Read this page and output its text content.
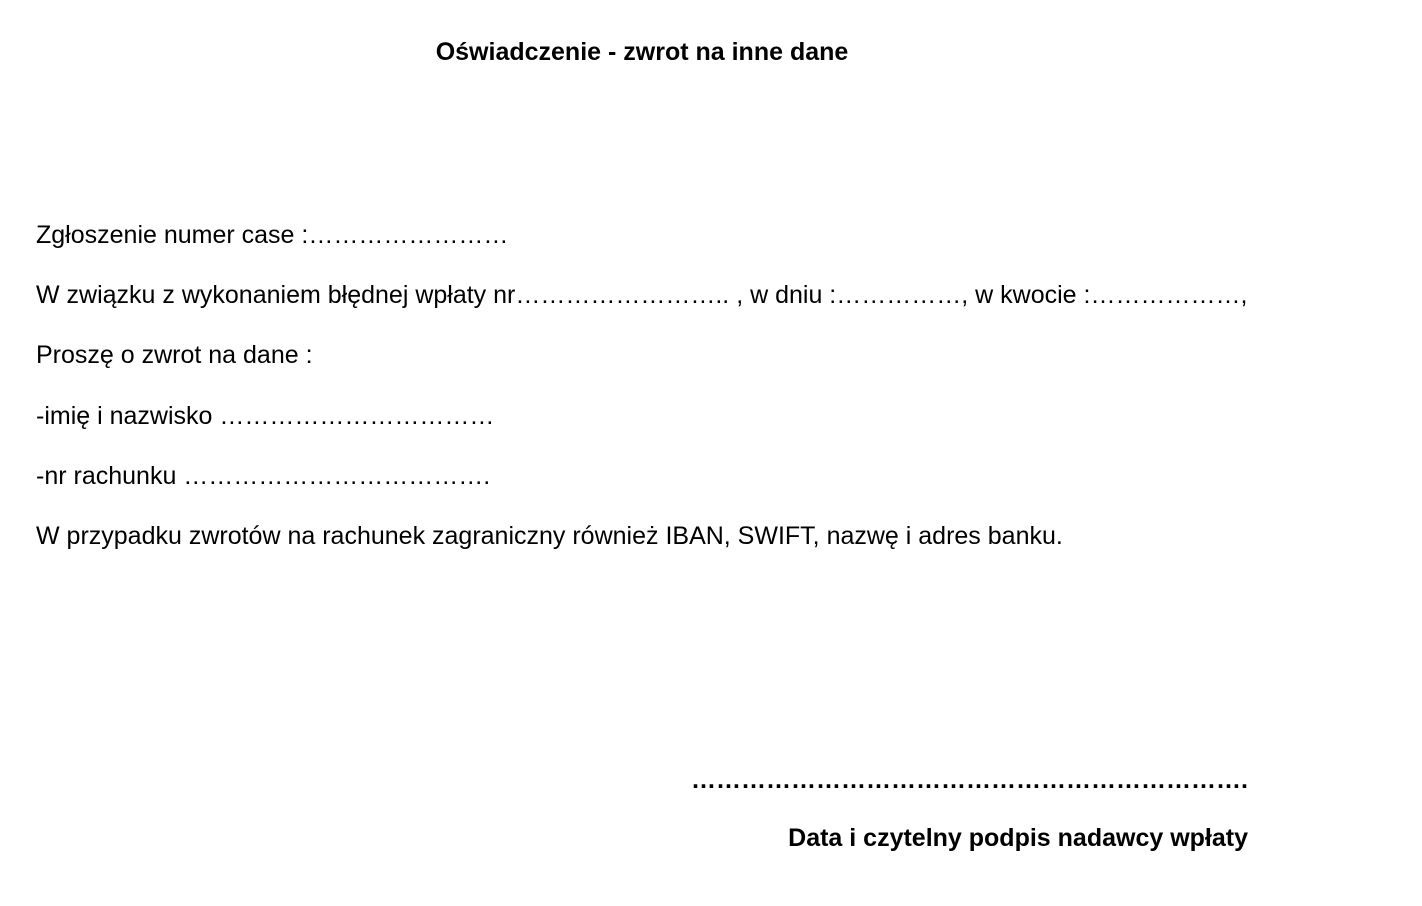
Oświadczenie - zwrot na inne dane
Zgłoszenie numer case :……………………
W związku z wykonaniem błędnej wpłaty nr…………………….. , w dniu :……………, w kwocie :………………,
Proszę o zwrot na dane :
-imię i nazwisko ……………………………
-nr rachunku ……………………………….
W przypadku zwrotów na rachunek zagraniczny również IBAN, SWIFT, nazwę i adres banku.
………………………………………………………….
Data i czytelny podpis nadawcy wpłaty
